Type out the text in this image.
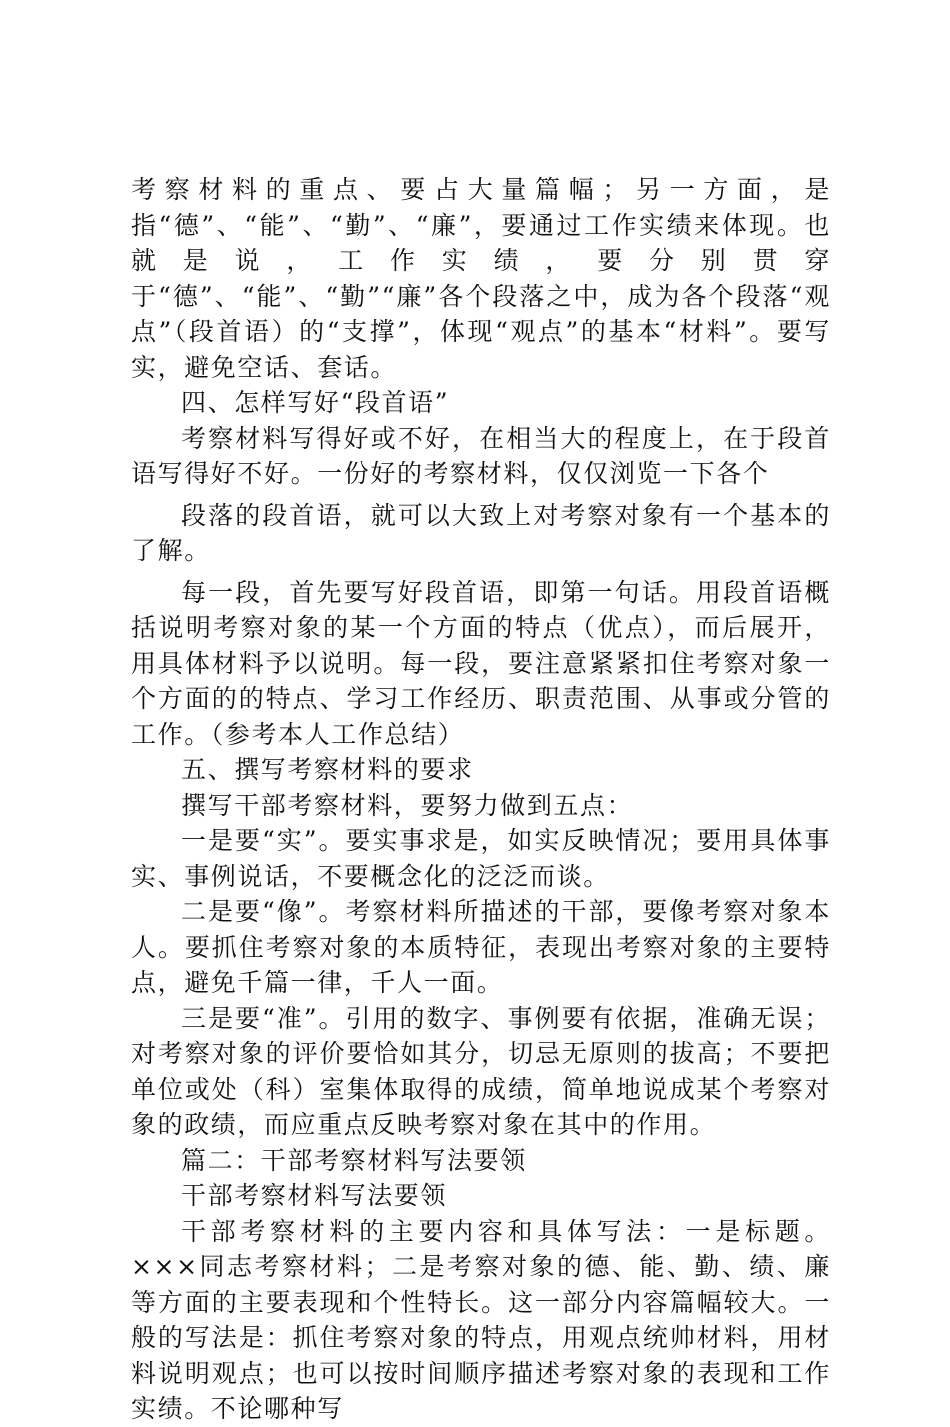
考察材料的重点、要占大量篇幅；另一方面，是指“德”、“能”、“勤”、“廉”，要通过工作实绩来体现。也就是说，工作实绩，要分别贯穿于“德”、“能”、“勤”“廉”各个段落之中，成为各个段落“观点”（段首语）的“支撑”，体现“观点”的基本“材料”。要写实，避免空话、套话。

四、怎样写好“段首语”

考察材料写得好或不好，在相当大的程度上，在于段首语写得好不好。一份好的考察材料，仅仅浏览一下各个

段落的段首语，就可以大致上对考察对象有一个基本的了解。

每一段，首先要写好段首语，即第一句话。用段首语概括说明考察对象的某一个方面的特点（优点），而后展开，用具体材料予以说明。每一段，要注意紧紧扣住考察对象一个方面的的特点、学习工作经历、职责范围、从事或分管的工作。（参考本人工作总结）

五、撰写考察材料的要求

撰写干部考察材料，要努力做到五点：

一是要“实”。要实事求是，如实反映情况；要用具体事实、事例说话，不要概念化的泛泛而谈。

二是要“像”。考察材料所描述的干部，要像考察对象本人。要抓住考察对象的本质特征，表现出考察对象的主要特点，避免千篇一律，千人一面。

三是要“准”。引用的数字、事例要有依据，准确无误；对考察对象的评价要恰如其分，切忌无原则的拔高；不要把单位或处（科）室集体取得的成绩，简单地说成某个考察对象的政绩，而应重点反映考察对象在其中的作用。

篇二：干部考察材料写法要领

干部考察材料写法要领

干部考察材料的主要内容和具体写法：一是标题。×××同志考察材料；二是考察对象的德、能、勤、绩、廉等方面的主要表现和个性特长。这一部分内容篇幅较大。一般的写法是：抓住考察对象的特点，用观点统帅材料，用材料说明观点；也可以按时间顺序描述考察对象的表现和工作实绩。不论哪种写
